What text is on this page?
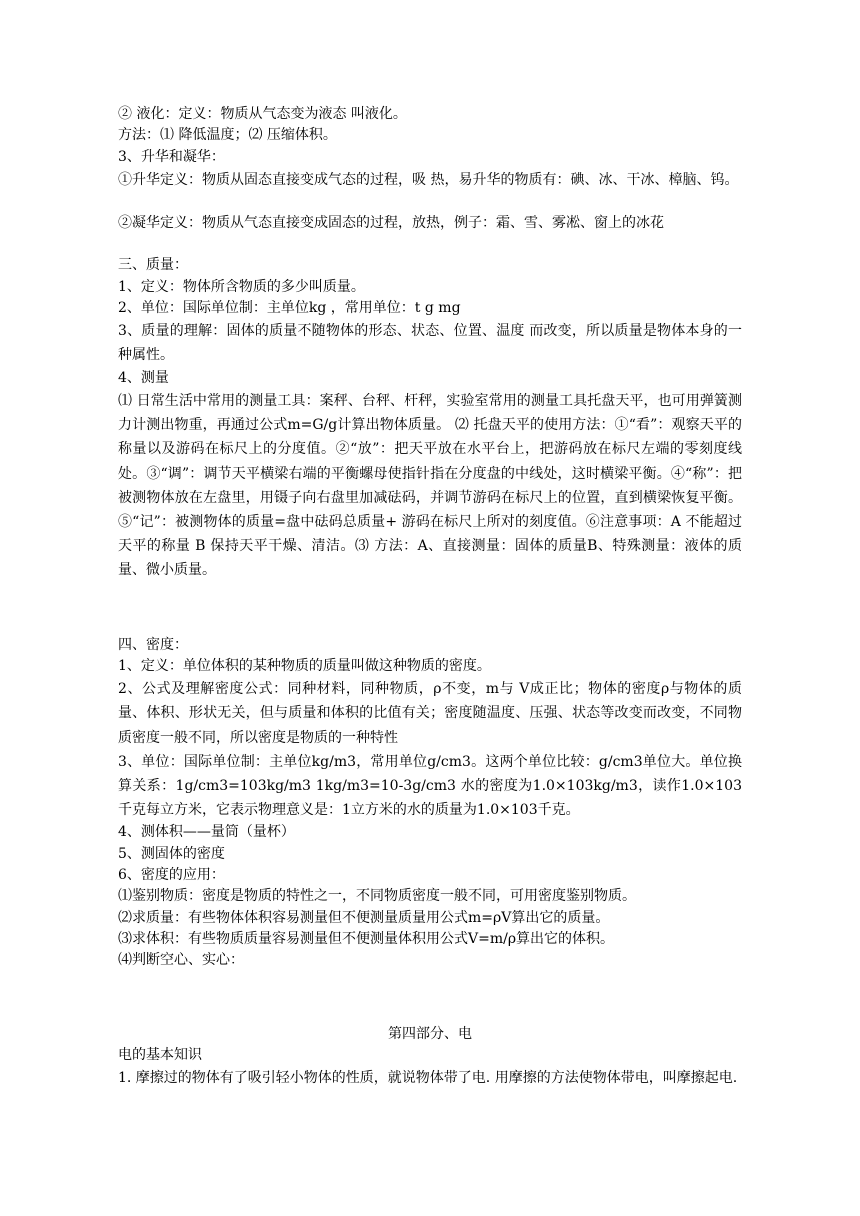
② 液化：定义：物质从气态变为液态 叫液化。

方法：⑴ 降低温度；⑵ 压缩体积。

3、升华和凝华：

①升华定义：物质从固态直接变成气态的过程，吸 热，易升华的物质有：碘、冰、干冰、樟脑、钨。

②凝华定义：物质从气态直接变成固态的过程，放热，例子：霜、雪、雾凇、窗上的冰花

三、质量：

1、定义：物体所含物质的多少叫质量。

2、单位：国际单位制：主单位kg ，常用单位：t g mg

3、质量的理解：固体的质量不随物体的形态、状态、位置、温度 而改变，所以质量是物体本身的一种属性。

4、测量

⑴ 日常生活中常用的测量工具：案秤、台秤、杆秤，实验室常用的测量工具托盘天平，也可用弹簧测力计测出物重，再通过公式m=G/g计算出物体质量。 ⑵ 托盘天平的使用方法：①“看”：观察天平的称量以及游码在标尺上的分度值。②“放”：把天平放在水平台上，把游码放在标尺左端的零刻度线处。③“调”：调节天平横梁右端的平衡螺母使指针指在分度盘的中线处，这时横梁平衡。④“称”：把被测物体放在左盘里，用镊子向右盘里加减砝码，并调节游码在标尺上的位置，直到横梁恢复平衡。⑤“记”：被测物体的质量=盘中砝码总质量+ 游码在标尺上所对的刻度值。⑥注意事项：A 不能超过天平的称量 B 保持天平干燥、清洁。⑶ 方法：A、直接测量：固体的质量B、特殊测量：液体的质量、微小质量。

四、密度：

1、定义：单位体积的某种物质的质量叫做这种物质的密度。

2、公式及理解密度公式：同种材料，同种物质，ρ不变，m与 V成正比；物体的密度ρ与物体的质量、体积、形状无关，但与质量和体积的比值有关；密度随温度、压强、状态等改变而改变，不同物质密度一般不同，所以密度是物质的一种特性

3、单位：国际单位制：主单位kg/m3，常用单位g/cm3。这两个单位比较：g/cm3单位大。单位换算关系：1g/cm3=103kg/m3 1kg/m3=10-3g/cm3 水的密度为1.0×103kg/m3，读作1.0×103千克每立方米，它表示物理意义是：1立方米的水的质量为1.0×103千克。

4、测体积——量筒（量杯）

5、测固体的密度

6、密度的应用：

⑴鉴别物质：密度是物质的特性之一，不同物质密度一般不同，可用密度鉴别物质。

⑵求质量：有些物体体积容易测量但不便测量质量用公式m=ρV算出它的质量。

⑶求体积：有些物质质量容易测量但不便测量体积用公式V=m/ρ算出它的体积。

⑷判断空心、实心：

第四部分、电

电的基本知识

1. 摩擦过的物体有了吸引轻小物体的性质，就说物体带了电. 用摩擦的方法使物体带电，叫摩擦起电.
